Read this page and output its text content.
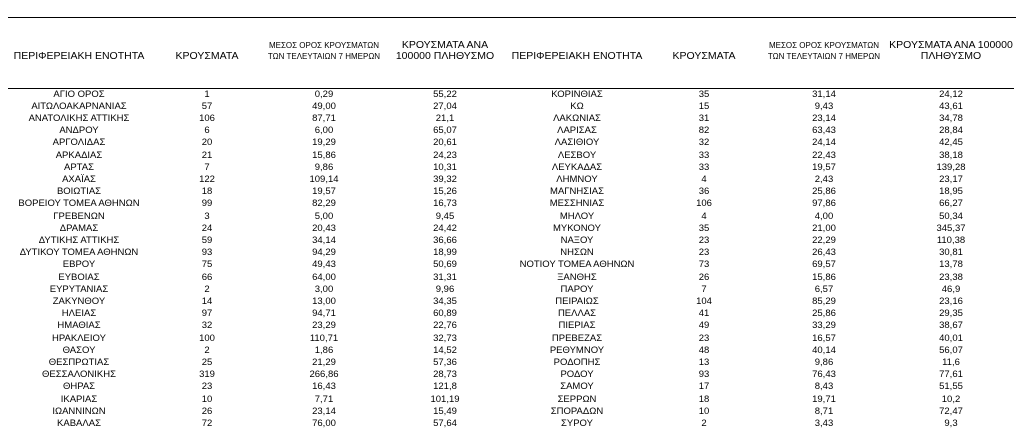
ΠΕΡΙΦΕΡΕΙΑΚΗ ΕΝΟΤΗΤΑ	ΚΡΟΥΣΜΑΤΑ	ΜΕΣΟΣ ΟΡΟΣ ΚΡΟΥΣΜΑΤΩΝ ΤΩΝ ΤΕΛΕΥΤΑΙΩΝ 7 ΗΜΕΡΩΝ	ΚΡΟΥΣΜΑΤΑ ΑΝΑ 100000 ΠΛΗΘΥΣΜΟ	ΠΕΡΙΦΕΡΕΙΑΚΗ ΕΝΟΤΗΤΑ	ΚΡΟΥΣΜΑΤΑ	ΜΕΣΟΣ ΟΡΟΣ ΚΡΟΥΣΜΑΤΩΝ ΤΩΝ ΤΕΛΕΥΤΑΙΩΝ 7 ΗΜΕΡΩΝ	ΚΡΟΥΣΜΑΤΑ ΑΝΑ 100000 ΠΛΗΘΥΣΜΟ

ΑΓΙΟ ΟΡΟΣ	1	0,29	55,22	ΚΟΡΙΝΘΙΑΣ	35	31,14	24,12
ΑΙΤΩΛΟΑΚΑΡΝΑΝΙΑΣ	57	49,00	27,04	ΚΩ	15	9,43	43,61
ΑΝΑΤΟΛΙΚΗΣ ΑΤΤΙΚΗΣ	106	87,71	21,1	ΛΑΚΩΝΙΑΣ	31	23,14	34,78
ΑΝΔΡΟΥ	6	6,00	65,07	ΛΑΡΙΣΑΣ	82	63,43	28,84
ΑΡΓΟΛΙΔΑΣ	20	19,29	20,61	ΛΑΣΙΘΙΟΥ	32	24,14	42,45
ΑΡΚΑΔΙΑΣ	21	15,86	24,23	ΛΕΣΒΟΥ	33	22,43	38,18
ΑΡΤΑΣ	7	9,86	10,31	ΛΕΥΚΑΔΑΣ	33	19,57	139,28
ΑΧΑΪΑΣ	122	109,14	39,32	ΛΗΜΝΟΥ	4	2,43	23,17
ΒΟΙΩΤΙΑΣ	18	19,57	15,26	ΜΑΓΝΗΣΙΑΣ	36	25,86	18,95
ΒΟΡΕΙΟΥ ΤΟΜΕΑ ΑΘΗΝΩΝ	99	82,29	16,73	ΜΕΣΣΗΝΙΑΣ	106	97,86	66,27
ΓΡΕΒΕΝΩΝ	3	5,00	9,45	ΜΗΛΟΥ	4	4,00	50,34
ΔΡΑΜΑΣ	24	20,43	24,42	ΜΥΚΟΝΟΥ	35	21,00	345,37
ΔΥΤΙΚΗΣ ΑΤΤΙΚΗΣ	59	34,14	36,66	ΝΑΞΟΥ	23	22,29	110,38
ΔΥΤΙΚΟΥ ΤΟΜΕΑ ΑΘΗΝΩΝ	93	94,29	18,99	ΝΗΣΩΝ	23	26,43	30,81
ΕΒΡΟΥ	75	49,43	50,69	ΝΟΤΙΟΥ ΤΟΜΕΑ ΑΘΗΝΩΝ	73	69,57	13,78
ΕΥΒΟΙΑΣ	66	64,00	31,31	ΞΑΝΘΗΣ	26	15,86	23,38
ΕΥΡΥΤΑΝΙΑΣ	2	3,00	9,96	ΠΑΡΟΥ	7	6,57	46,9
ΖΑΚΥΝΘΟΥ	14	13,00	34,35	ΠΕΙΡΑΙΩΣ	104	85,29	23,16
ΗΛΕΙΑΣ	97	94,71	60,89	ΠΕΛΛΑΣ	41	25,86	29,35
ΗΜΑΘΙΑΣ	32	23,29	22,76	ΠΙΕΡΙΑΣ	49	33,29	38,67
ΗΡΑΚΛΕΙΟΥ	100	110,71	32,73	ΠΡΕΒΕΖΑΣ	23	16,57	40,01
ΘΑΣΟΥ	2	1,86	14,52	ΡΕΘΥΜΝΟΥ	48	40,14	56,07
ΘΕΣΠΡΩΤΙΑΣ	25	21,29	57,36	ΡΟΔΟΠΗΣ	13	9,86	11,6
ΘΕΣΣΑΛΟΝΙΚΗΣ	319	266,86	28,73	ΡΟΔΟΥ	93	76,43	77,61
ΘΗΡΑΣ	23	16,43	121,8	ΣΑΜΟΥ	17	8,43	51,55
ΙΚΑΡΙΑΣ	10	7,71	101,19	ΣΕΡΡΩΝ	18	19,71	10,2
ΙΩΑΝΝΙΝΩΝ	26	23,14	15,49	ΣΠΟΡΑΔΩΝ	10	8,71	72,47
ΚΑΒΑΛΑΣ	72	76,00	57,64	ΣΥΡΟΥ	2	3,43	9,3
